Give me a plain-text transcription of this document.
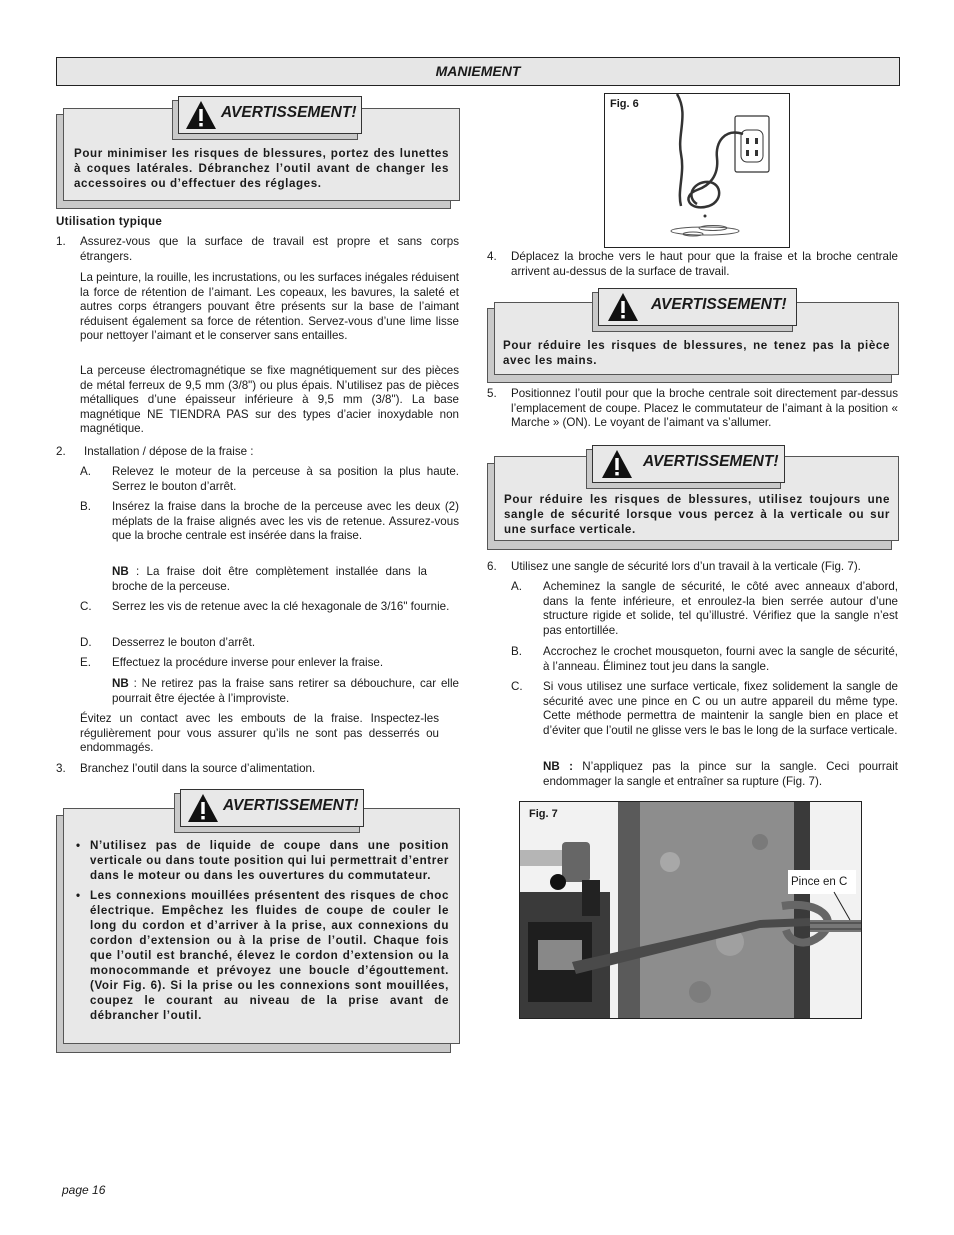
MANIEMENT
AVERTISSEMENT!
Pour minimiser les risques de blessures, portez des lunettes à coques latérales. Débranchez l’outil avant de changer les accessoires ou d’effectuer des réglages.
Utilisation typique
1. Assurez-vous que la surface de travail est propre et sans corps étrangers.
La peinture, la rouille, les incrustations, ou les surfaces inégales réduisent la force de rétention de l’aimant. Les copeaux, les bavures, la saleté et autres corps étrangers pouvant être présents sur la base de l’aimant réduisent également sa force de rétention. Servez-vous d’une lime lisse pour nettoyer l’aimant et le conserver sans entailles.
La perceuse électromagnétique se fixe magnétiquement sur des pièces de métal ferreux de 9,5 mm (3/8") ou plus épais. N’utilisez pas de pièces métalliques d’une épaisseur inférieure à 9,5 mm (3/8"). La base magnétique NE TIENDRA PAS sur des types d’acier inoxydable non magnétique.
2. Installation / dépose de la fraise :
A. Relevez le moteur de la perceuse à sa position la plus haute. Serrez le bouton d’arrêt.
B. Insérez la fraise dans la broche de la perceuse avec les deux (2) méplats de la fraise alignés avec les vis de retenue. Assurez-vous que la broche centrale est insérée dans la fraise.
NB : La fraise doit être complètement installée dans la broche de la perceuse.
C. Serrez les vis de retenue avec la clé hexagonale de 3/16" fournie.
D. Desserrez le bouton d’arrêt.
E. Effectuez la procédure inverse pour enlever la fraise.
NB : Ne retirez pas la fraise sans retirer sa débouchure, car elle pourrait être éjectée à l’improviste.
Évitez un contact avec les embouts de la fraise. Inspectez-les régulièrement pour vous assurer qu’ils ne sont pas desserrés ou endommagés.
3. Branchez l’outil dans la source d’alimentation.
AVERTISSEMENT!
• N’utilisez pas de liquide de coupe dans une position verticale ou dans toute position qui lui permettrait d’entrer dans le moteur ou dans les ouvertures du commutateur.
• Les connexions mouillées présentent des risques de choc électrique. Empêchez les fluides de coupe de couler le long du cordon et d’arriver à la prise, aux connexions du cordon d’extension ou à la prise de l’outil. Chaque fois que l’outil est branché, élevez le cordon d’extension ou la monocommande et prévoyez une boucle d’égouttement. (Voir Fig. 6). Si la prise ou les connexions sont mouillées, coupez le courant au niveau de la prise avant de débrancher l’outil.
Fig. 6
4. Déplacez la broche vers le haut pour que la fraise et la broche centrale arrivent au-dessus de la surface de travail.
AVERTISSEMENT!
Pour réduire les risques de blessures, ne tenez pas la pièce avec les mains.
5. Positionnez l’outil pour que la broche centrale soit directement par-dessus l’emplacement de coupe. Placez le commutateur de l’aimant à la position « Marche » (ON). Le voyant de l’aimant va s’allumer.
AVERTISSEMENT!
Pour réduire les risques de blessures, utilisez toujours une sangle de sécurité lorsque vous percez à la verticale ou sur une surface verticale.
6. Utilisez une sangle de sécurité lors d’un travail à la verticale (Fig. 7).
A. Acheminez la sangle de sécurité, le côté avec anneaux d’abord, dans la fente inférieure, et enroulez-la bien serrée autour d’une structure rigide et solide, tel qu’illustré. Vérifiez que la sangle n’est pas entortillée.
B. Accrochez le crochet mousqueton, fourni avec la sangle de sécurité, à l’anneau. Éliminez tout jeu dans la sangle.
C. Si vous utilisez une surface verticale, fixez solidement la sangle de sécurité avec une pince en C ou un autre appareil du même type. Cette méthode permettra de maintenir la sangle bien en place et d’éviter que l’outil ne glisse vers le bas le long de la surface verticale.
NB : N’appliquez pas la pince sur la sangle. Ceci pourrait endommager la sangle et entraîner sa rupture (Fig. 7).
Fig. 7
Pince en C
page 16
